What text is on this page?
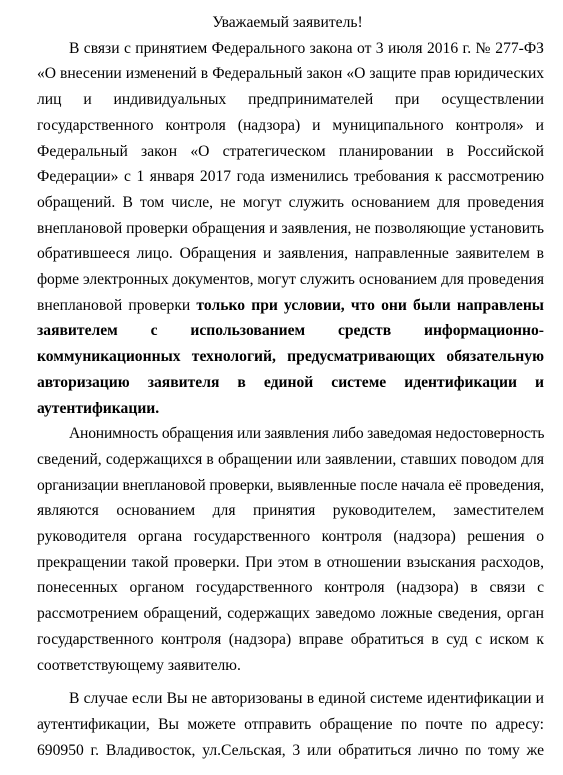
Уважаемый заявитель!
В связи с принятием Федерального закона от 3 июля 2016 г. № 277-ФЗ
«О внесении изменений в Федеральный закон «О защите прав юридических
лиц и индивидуальных предпринимателей при осуществлении
государственного контроля (надзора) и муниципального контроля» и
Федеральный закон «О стратегическом планировании в Российской
Федерации» с 1 января 2017 года изменились требования к рассмотрению
обращений. В том числе, не могут служить основанием для проведения
внеплановой проверки обращения и заявления, не позволяющие установить
обратившееся лицо. Обращения и заявления, направленные заявителем в
форме электронных документов, могут служить основанием для проведения
внеплановой проверки только при условии, что они были направлены
заявителем с использованием средств информационно-
коммуникационных технологий, предусматривающих обязательную
авторизацию заявителя в единой системе идентификации и
аутентификации.
Анонимность обращения или заявления либо заведомая недостоверность
сведений, содержащихся в обращении или заявлении, ставших поводом для
организации внеплановой проверки, выявленные после начала её проведения,
являются основанием для принятия руководителем, заместителем
руководителя органа государственного контроля (надзора) решения о
прекращении такой проверки. При этом в отношении взыскания расходов,
понесенных органом государственного контроля (надзора) в связи с
рассмотрением обращений, содержащих заведомо ложные сведения, орган
государственного контроля (надзора) вправе обратиться в суд с иском к
соответствующему заявителю.
В случае если Вы не авторизованы в единой системе идентификации и
аутентификации, Вы можете отправить обращение по почте по адресу:
690950 г. Владивосток, ул.Сельская, 3 или обратиться лично по тому же
